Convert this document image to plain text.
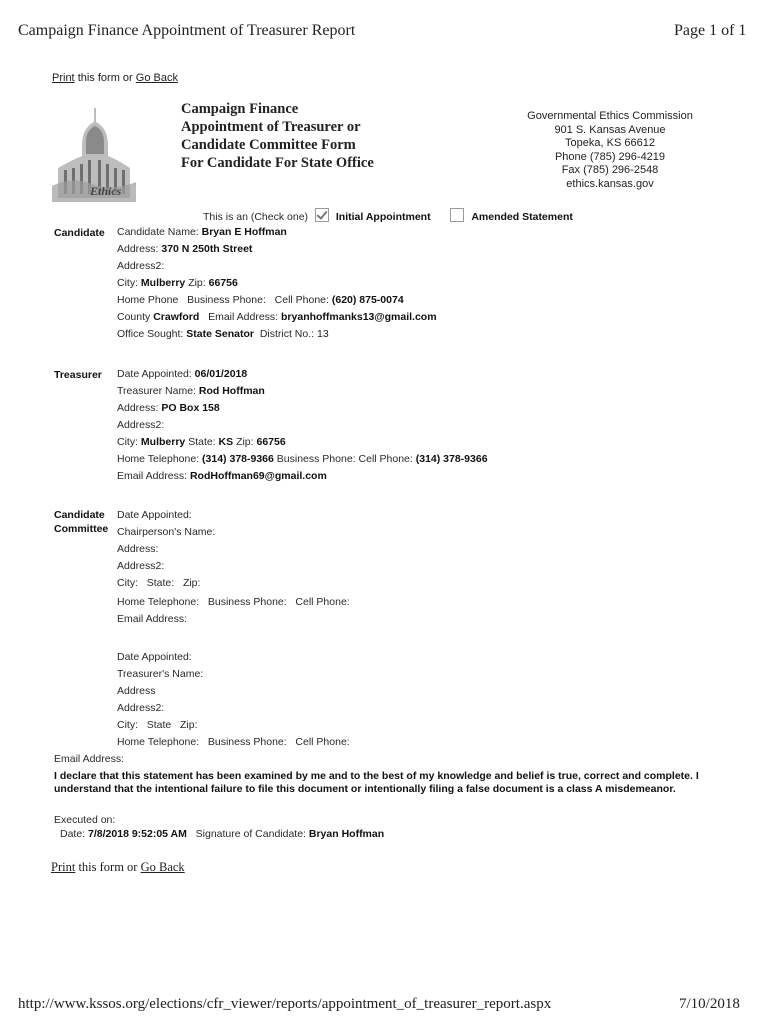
Campaign Finance Appointment of Treasurer Report	Page 1 of 1
Print this form or Go Back
Ethics
Campaign Finance
Appointment of Treasurer or
Candidate Committee Form
For Candidate For State Office
Governmental Ethics Commission
901 S. Kansas Avenue
Topeka, KS 66612
Phone (785) 296-4219
Fax (785) 296-2548
ethics.kansas.gov
This is an (Check one)	Initial Appointment	Amended Statement
Candidate Candidate Name: Bryan E Hoffman
Address: 370 N 250th Street
Address2:
City: Mulberry Zip: 66756
Home Phone Business Phone: Cell Phone: (620) 875-0074
County Crawford Email Address: bryanhoffmanks13@gmail.com
Office Sought: State Senator District No.: 13
Treasurer Date Appointed: 06/01/2018
Treasurer Name: Rod Hoffman
Address: PO Box 158
Address2:
City: Mulberry State: KS Zip: 66756
Home Telephone: (314) 378-9366 Business Phone: Cell Phone: (314) 378-9366
Email Address: RodHoffman69@gmail.com
Candidate
Committee
Date Appointed:
Chairperson's Name:
Address:
Address2:
City:   State:   Zip:
Home Telephone:   Business Phone:   Cell Phone:
Email Address:
Date Appointed:
Treasurer's Name:
Address
Address2:
City:   State   Zip:
Home Telephone:   Business Phone:   Cell Phone:
Email Address:
I declare that this statement has been examined by me and to the best of my knowledge and belief is true, correct and complete. I understand that the intentional failure to file this document or intentionally filing a false document is a class A misdemeanor.
Executed on:
Date: 7/8/2018 9:52:05 AM Signature of Candidate: Bryan Hoffman
Print this form or Go Back
http://www.kssos.org/elections/cfr_viewer/reports/appointment_of_treasurer_report.aspx	7/10/2018
